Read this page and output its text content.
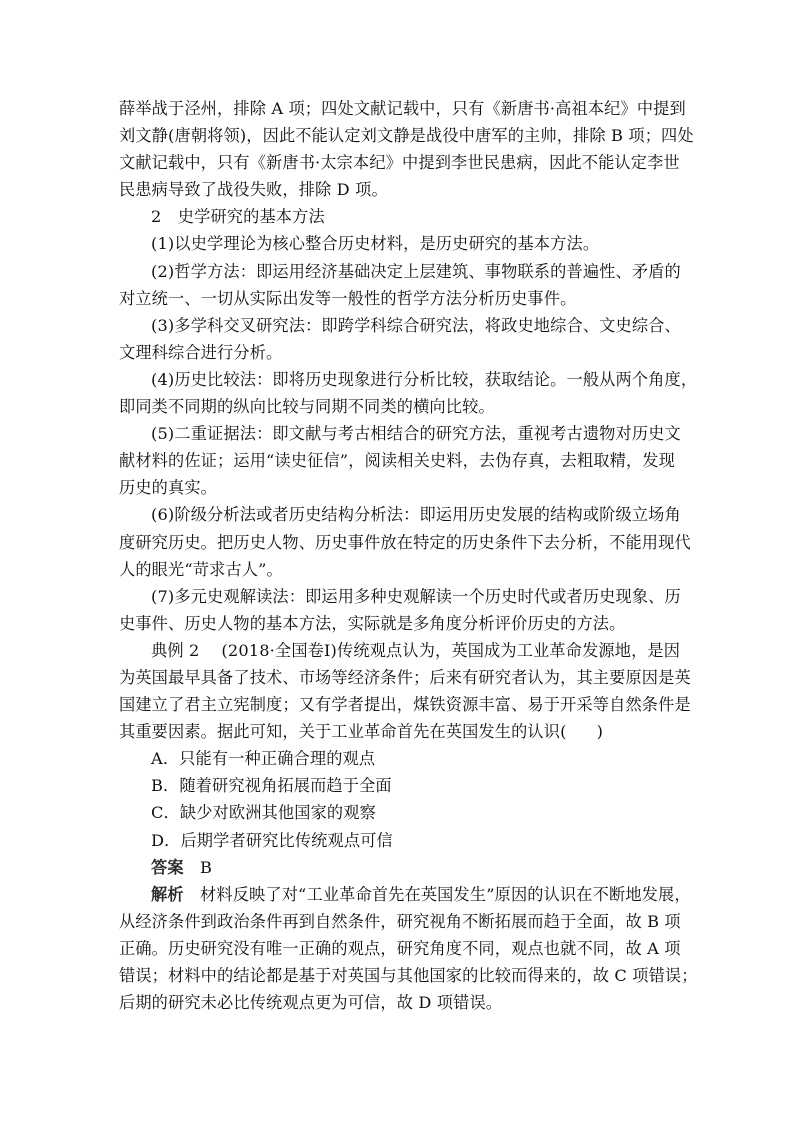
薛举战于泾州，排除 A 项；四处文献记载中，只有《新唐书·高祖本纪》中提到
刘文静(唐朝将领)，因此不能认定刘文静是战役中唐军的主帅，排除 B 项；四处
文献记载中，只有《新唐书·太宗本纪》中提到李世民患病，因此不能认定李世
民患病导致了战役失败，排除 D 项。
2　史学研究的基本方法
(1)以史学理论为核心整合历史材料，是历史研究的基本方法。
(2)哲学方法：即运用经济基础决定上层建筑、事物联系的普遍性、矛盾的
对立统一、一切从实际出发等一般性的哲学方法分析历史事件。
(3)多学科交叉研究法：即跨学科综合研究法，将政史地综合、文史综合、
文理科综合进行分析。
(4)历史比较法：即将历史现象进行分析比较，获取结论。一般从两个角度，
即同类不同期的纵向比较与同期不同类的横向比较。
(5)二重证据法：即文献与考古相结合的研究方法，重视考古遗物对历史文
献材料的佐证；运用“读史征信”，阅读相关史料，去伪存真，去粗取精，发现
历史的真实。
(6)阶级分析法或者历史结构分析法：即运用历史发展的结构或阶级立场角
度研究历史。把历史人物、历史事件放在特定的历史条件下去分析，不能用现代
人的眼光“苛求古人”。
(7)多元史观解读法：即运用多种史观解读一个历史时代或者历史现象、历
史事件、历史人物的基本方法，实际就是多角度分析评价历史的方法。
典例 2 (2018·全国卷Ⅰ)传统观点认为，英国成为工业革命发源地，是因
为英国最早具备了技术、市场等经济条件；后来有研究者认为，其主要原因是英
国建立了君主立宪制度；又有学者提出，煤铁资源丰富、易于开采等自然条件是
其重要因素。据此可知，关于工业革命首先在英国发生的认识( )
A．只能有一种正确合理的观点
B．随着研究视角拓展而趋于全面
C．缺少对欧洲其他国家的观察
D．后期学者研究比传统观点可信
答案　 B
解析　 材料反映了对“工业革命首先在英国发生”原因的认识在不断地发展，
从经济条件到政治条件再到自然条件，研究视角不断拓展而趋于全面，故 B 项
正确。历史研究没有唯一正确的观点，研究角度不同，观点也就不同，故 A 项
错误；材料中的结论都是基于对英国与其他国家的比较而得来的，故 C 项错误；
后期的研究未必比传统观点更为可信，故 D 项错误。
